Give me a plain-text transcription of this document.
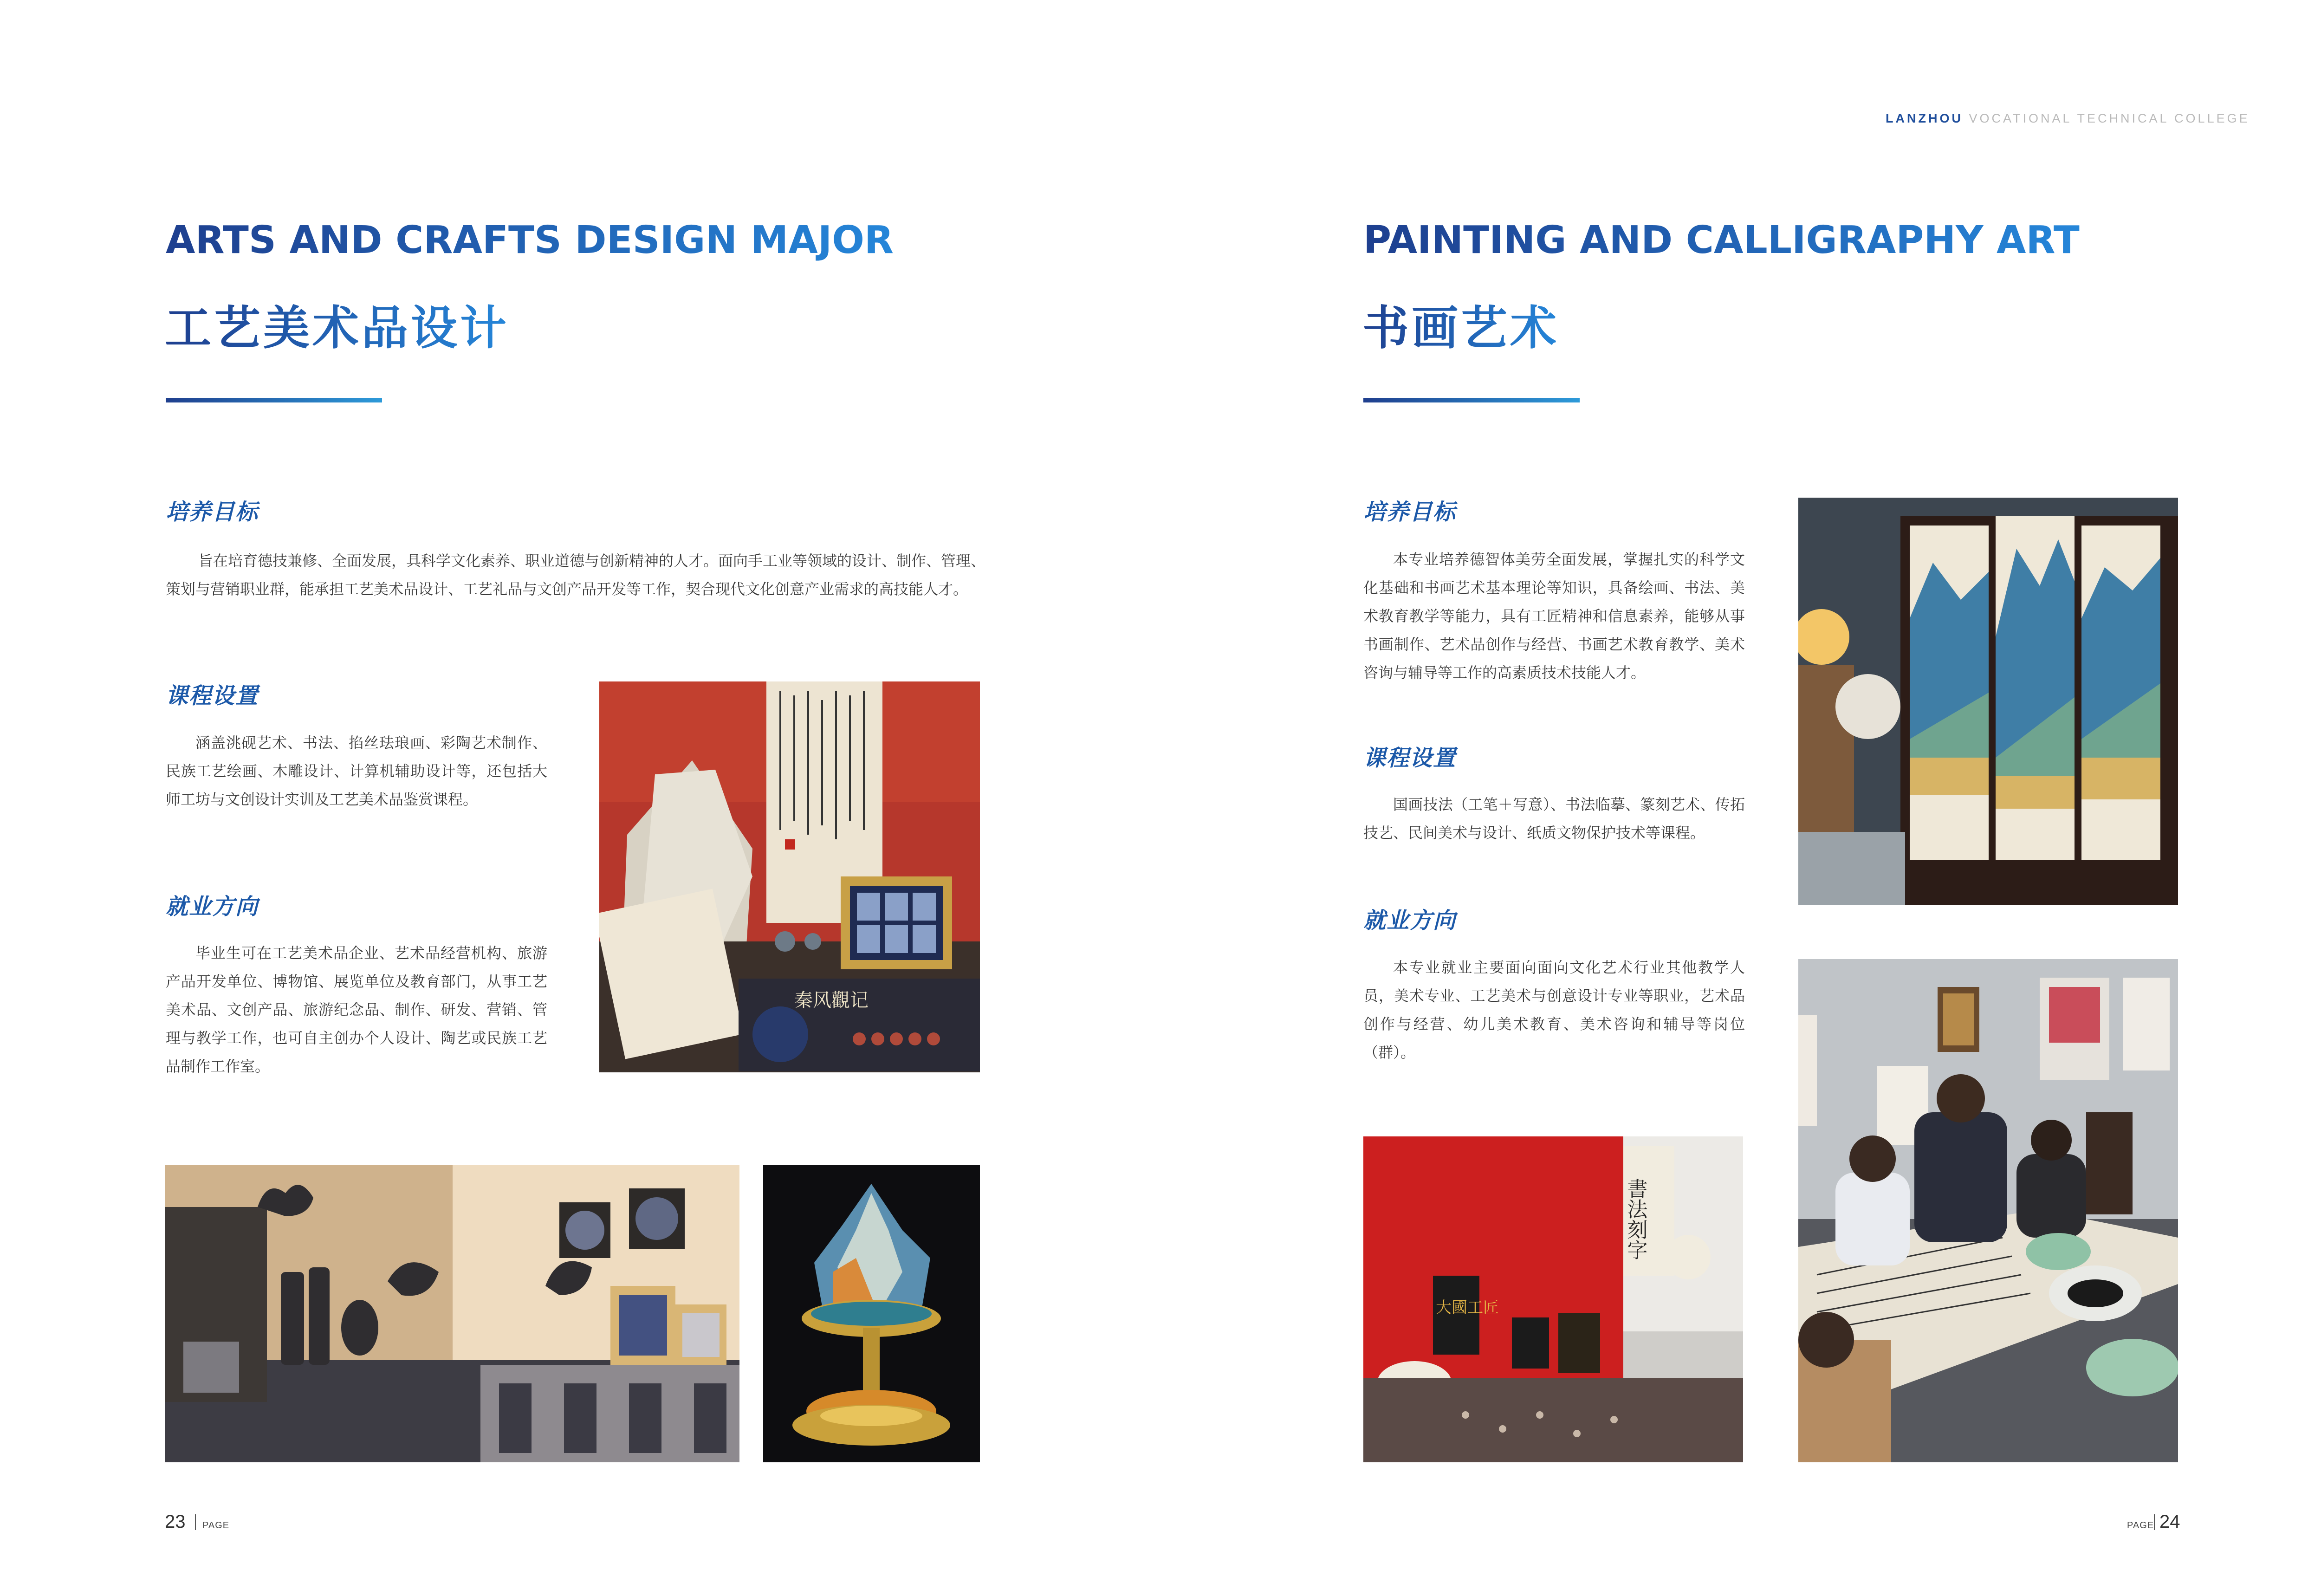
LANZHOU VOCATIONAL TECHNICAL COLLEGE
ARTS AND CRAFTS DESIGN MAJOR
工艺美术品设计
培养目标
旨在培育德技兼修、全面发展，具科学文化素养、职业道德与创新精神的人才。面向手工业等领域的设计、制作、管理、
策划与营销职业群，能承担工艺美术品设计、工艺礼品与文创产品开发等工作，契合现代文化创意产业需求的高技能人才。
课程设置
涵盖洮砚艺术、书法、掐丝珐琅画、彩陶艺术制作、民族工艺绘画、木雕设计、计算机辅助设计等，还包括大师工坊与文创设计实训及工艺美术品鉴赏课程。
就业方向
毕业生可在工艺美术品企业、艺术品经营机构、旅游产品开发单位、博物馆、展览单位及教育部门，从事工艺美术品、文创产品、旅游纪念品、制作、研发、营销、管理与教学工作，也可自主创办个人设计、陶艺或民族工艺品制作工作室。
秦风觀记
23 PAGE
PAINTING AND CALLIGRAPHY ART
书画艺术
培养目标
本专业培养德智体美劳全面发展，掌握扎实的科学文化基础和书画艺术基本理论等知识，具备绘画、书法、美术教育教学等能力，具有工匠精神和信息素养，能够从事书画制作、艺术品创作与经营、书画艺术教育教学、美术咨询与辅导等工作的高素质技术技能人才。
课程设置
国画技法（工笔＋写意）、书法临摹、篆刻艺术、传拓技艺、民间美术与设计、纸质文物保护技术等课程。
就业方向
本专业就业主要面向面向文化艺术行业其他教学人员，美术专业、工艺美术与创意设计专业等职业，艺术品创作与经营、幼儿美术教育、美术咨询和辅导等岗位（群）。
書法刻字
大國工匠
PAGE 24
